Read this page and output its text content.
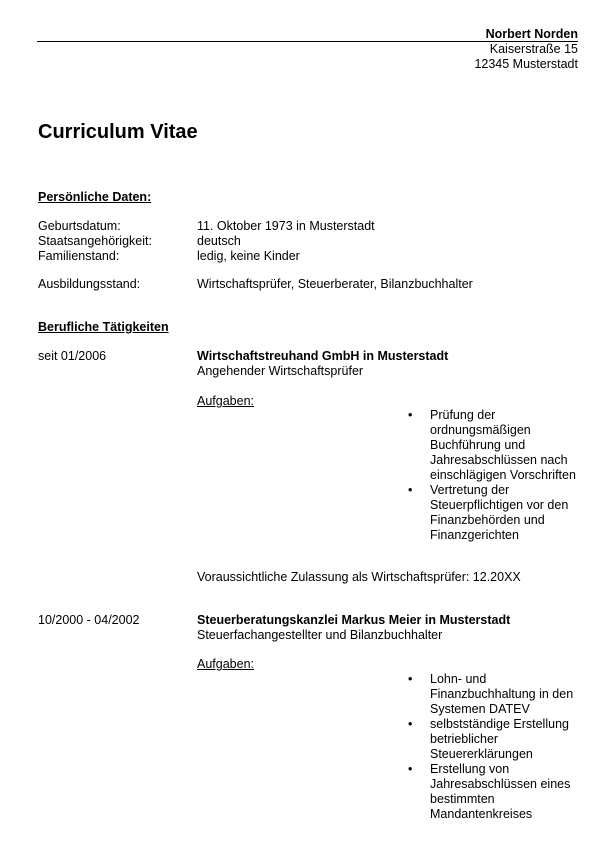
Norbert Norden
Kaiserstraße 15
12345 Musterstadt
Curriculum Vitae
Persönliche Daten:
Geburtsdatum:	11. Oktober 1973 in Musterstadt
Staatsangehörigkeit:	deutsch
Familienstand:	ledig, keine Kinder
Ausbildungsstand:	Wirtschaftsprüfer, Steuerberater, Bilanzbuchhalter
Berufliche Tätigkeiten
seit 01/2006	Wirtschaftstreuhand GmbH in Musterstadt
Angehender Wirtschaftsprüfer
Aufgaben:
• Prüfung der ordnungsmäßigen Buchführung und Jahresabschlüssen nach einschlägigen Vorschriften
• Vertretung der Steuerpflichtigen vor den Finanzbehörden und Finanzgerichten
Voraussichtliche Zulassung als Wirtschaftsprüfer: 12.20XX
10/2000 - 04/2002	Steuerberatungskanzlei Markus Meier in Musterstadt
Steuerfachangestellter und Bilanzbuchhalter
Aufgaben:
• Lohn- und Finanzbuchhaltung in den Systemen DATEV
• selbstständige Erstellung betrieblicher Steuererklärungen
• Erstellung von Jahresabschlüssen eines bestimmten Mandantenkreises
